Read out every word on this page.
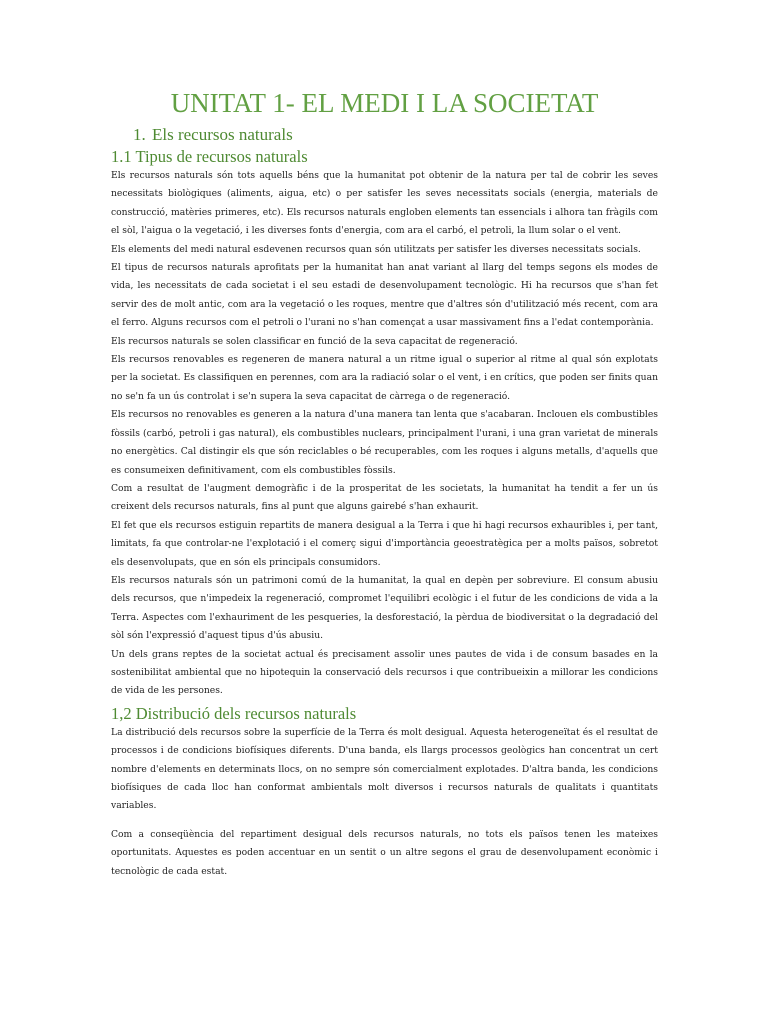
UNITAT 1- EL MEDI I LA SOCIETAT
1. Els recursos naturals
1.1 Tipus de recursos naturals

Els recursos naturals són tots aquells béns que la humanitat pot obtenir de la natura per tal de cobrir les seves necessitats biològiques (aliments, aigua, etc) o per satisfer les seves necessitats socials (energia, materials de construcció, matèries primeres, etc). Els recursos naturals engloben elements tan essencials i alhora tan fràgils com el sòl, l'aigua o la vegetació, i les diverses fonts d'energia, com ara el carbó, el petroli, la llum solar o el vent.

Els elements del medi natural esdevenen recursos quan són utilitzats per satisfer les diverses necessitats socials.

El tipus de recursos naturals aprofitats per la humanitat han anat variant al llarg del temps segons els modes de vida, les necessitats de cada societat i el seu estadi de desenvolupament tecnològic. Hi ha recursos que s'han fet servir des de molt antic, com ara la vegetació o les roques, mentre que d'altres són d'utilització més recent, com ara el ferro. Alguns recursos com el petroli o l'urani no s'han començat a usar massivament fins a l'edat contemporània.

Els recursos naturals se solen classificar en funció de la seva capacitat de regeneració.

Els recursos renovables es regeneren de manera natural a un ritme igual o superior al ritme al qual són explotats per la societat. Es classifiquen en perennes, com ara la radiació solar o el vent, i en crítics, que poden ser finits quan no se'n fa un ús controlat i se'n supera la seva capacitat de càrrega o de regeneració.

Els recursos no renovables es generen a la natura d'una manera tan lenta que s'acabaran. Inclouen els combustibles fòssils (carbó, petroli i gas natural), els combustibles nuclears, principalment l'urani, i una gran varietat de minerals no energètics. Cal distingir els que són reciclables o bé recuperables, com les roques i alguns metalls, d'aquells que es consumeixen definitivament, com els combustibles fòssils.

Com a resultat de l'augment demogràfic i de la prosperitat de les societats, la humanitat ha tendit a fer un ús creixent dels recursos naturals, fins al punt que alguns gairebé s'han exhaurit.

El fet que els recursos estiguin repartits de manera desigual a la Terra i que hi hagi recursos exhauribles i, per tant, limitats, fa que controlar-ne l'explotació i el comerç sigui d'importància geoestratègica per a molts països, sobretot els desenvolupats, que en són els principals consumidors.

Els recursos naturals són un patrimoni comú de la humanitat, la qual en depèn per sobreviure. El consum abusiu dels recursos, que n'impedeix la regeneració, compromet l'equilibri ecològic i el futur de les condicions de vida a la Terra. Aspectes com l'exhauriment de les pesqueries, la desforestació, la pèrdua de biodiversitat o la degradació del sòl són l'expressió d'aquest tipus d'ús abusiu.

Un dels grans reptes de la societat actual és precisament assolir unes pautes de vida i de consum basades en la sostenibilitat ambiental que no hipotequin la conservació dels recursos i que contribueixin a millorar les condicions de vida de les persones.

1,2 Distribució dels recursos naturals

La distribució dels recursos sobre la superfície de la Terra és molt desigual. Aquesta heterogeneïtat és el resultat de processos i de condicions biofísiques diferents. D'una banda, els llargs processos geològics han concentrat un cert nombre d'elements en determinats llocs, on no sempre són comercialment explotades. D'altra banda, les condicions biofísiques de cada lloc han conformat ambientals molt diversos i recursos naturals de qualitats i quantitats variables.

Com a conseqüència del repartiment desigual dels recursos naturals, no tots els països tenen les mateixes oportunitats. Aquestes es poden accentuar en un sentit o un altre segons el grau de desenvolupament econòmic i tecnològic de cada estat.
